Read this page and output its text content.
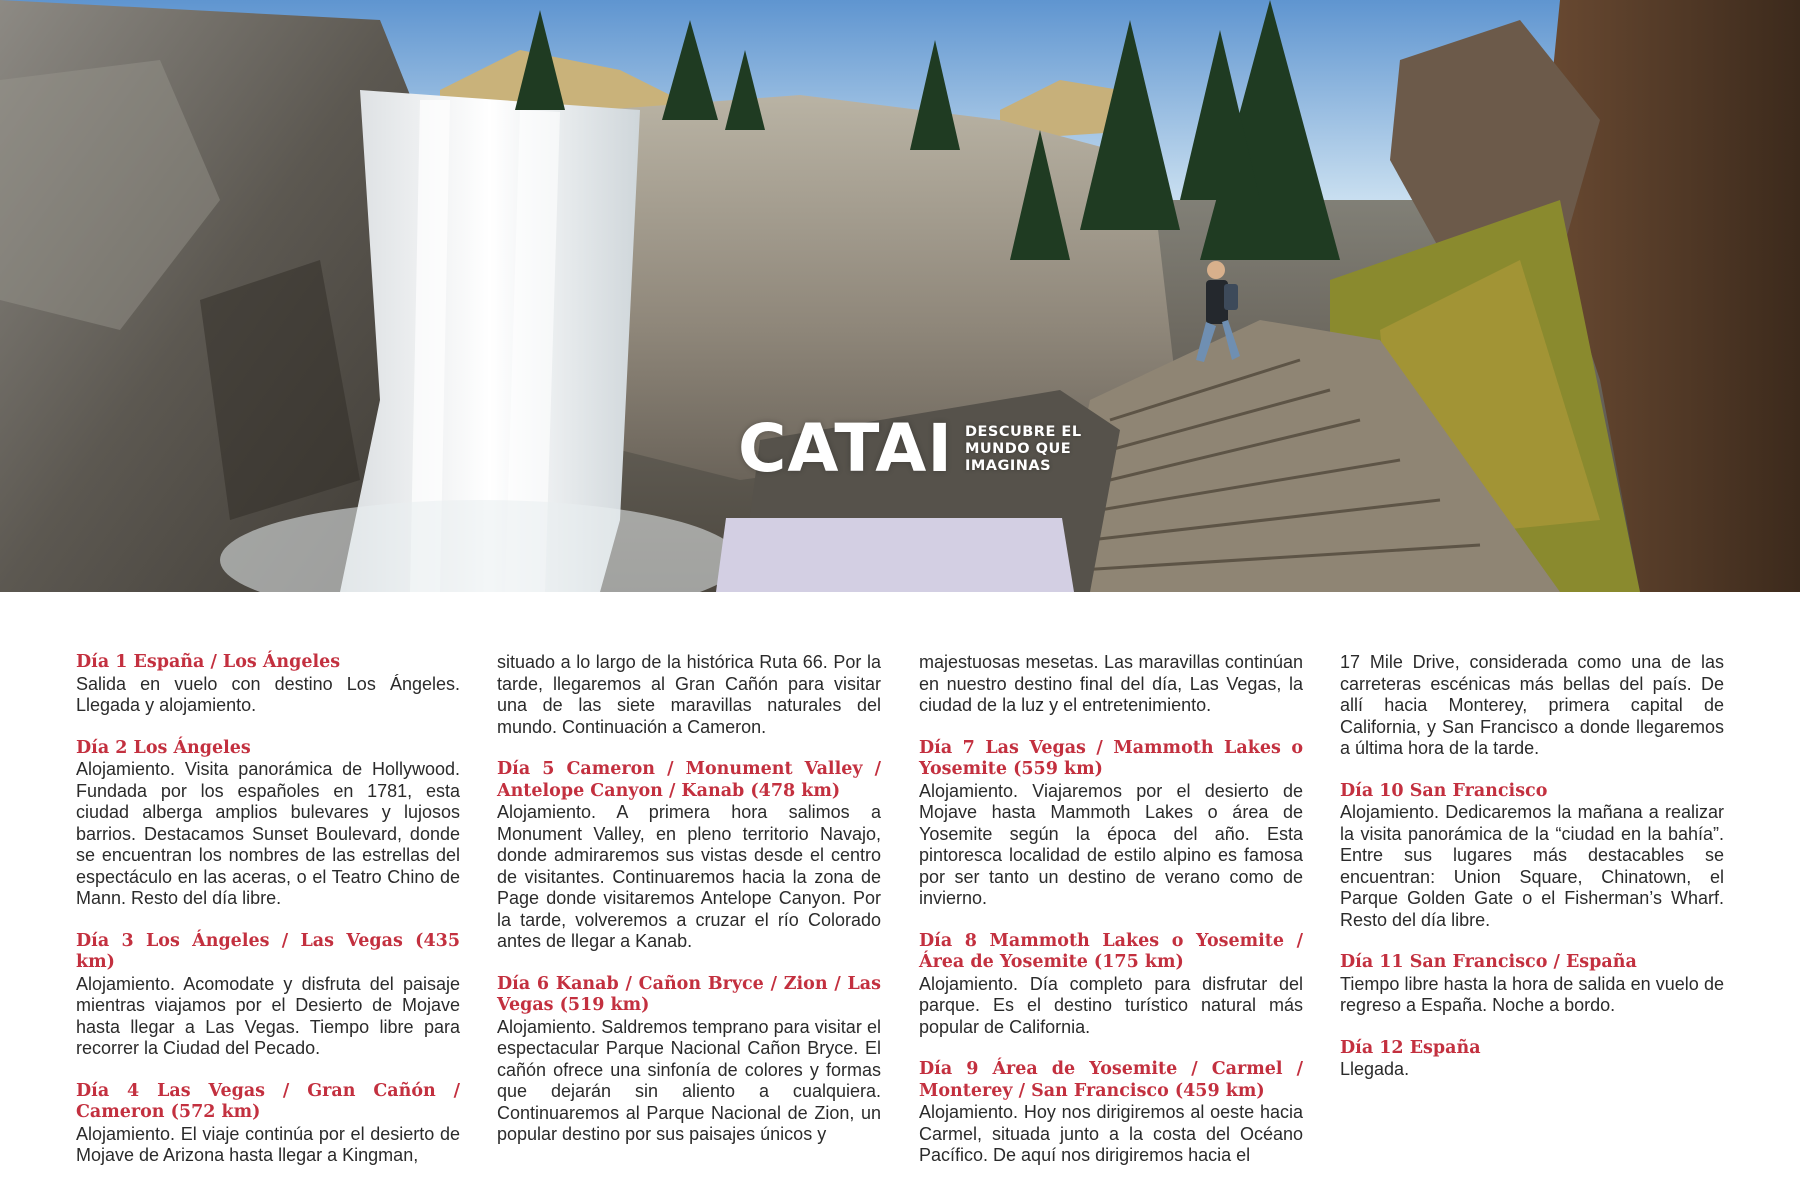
CATAI DESCUBRE EL
MUNDO QUE
IMAGINAS

Día 1 España / Los Ángeles

Salida en vuelo con destino Los Ángeles. Llegada y alojamiento.

Día 2 Los Ángeles

Alojamiento. Visita panorámica de Hollywood. Fundada por los españoles en 1781, esta ciudad alberga amplios bulevares y lujosos barrios. Destacamos Sunset Boulevard, donde se encuentran los nombres de las estrellas del espectáculo en las aceras, o el Teatro Chino de Mann. Resto del día libre.

Día 3 Los Ángeles / Las Vegas (435 km)

Alojamiento. Acomodate y disfruta del paisaje mientras viajamos por el Desierto de Mojave hasta llegar a Las Vegas. Tiempo libre para recorrer la Ciudad del Pecado.

Día 4 Las Vegas / Gran Cañón / Cameron (572 km)

Alojamiento. El viaje continúa por el desierto de Mojave de Arizona hasta llegar a Kingman,

situado a lo largo de la histórica Ruta 66. Por la tarde, llegaremos al Gran Cañón para visitar una de las siete maravillas naturales del mundo. Continuación a Cameron.

Día 5 Cameron / Monument Valley / Antelope Canyon / Kanab (478 km)

Alojamiento. A primera hora salimos a Monument Valley, en pleno territorio Navajo, donde admiraremos sus vistas desde el centro de visitantes. Continuaremos hacia la zona de Page donde visitaremos Antelope Canyon. Por la tarde, volveremos a cruzar el río Colorado antes de llegar a Kanab.

Día 6 Kanab / Cañon Bryce / Zion / Las Vegas (519 km)

Alojamiento. Saldremos temprano para visitar el espectacular Parque Nacional Cañon Bryce. El cañón ofrece una sinfonía de colores y formas que dejarán sin aliento a cualquiera. Continuaremos al Parque Nacional de Zion, un popular destino por sus paisajes únicos y

majestuosas mesetas. Las maravillas continúan en nuestro destino final del día, Las Vegas, la ciudad de la luz y el entretenimiento.

Día 7 Las Vegas / Mammoth Lakes o Yosemite (559 km)

Alojamiento. Viajaremos por el desierto de Mojave hasta Mammoth Lakes o área de Yosemite según la época del año. Esta pintoresca localidad de estilo alpino es famosa por ser tanto un destino de verano como de invierno.

Día 8 Mammoth Lakes o Yosemite / Área de Yosemite (175 km)

Alojamiento. Día completo para disfrutar del parque. Es el destino turístico natural más popular de California.

Día 9 Área de Yosemite / Carmel / Monterey / San Francisco (459 km)

Alojamiento. Hoy nos dirigiremos al oeste hacia Carmel, situada junto a la costa del Océano Pacífico. De aquí nos dirigiremos hacia el

17 Mile Drive, considerada como una de las carreteras escénicas más bellas del país. De allí hacia Monterey, primera capital de California, y San Francisco a donde llegaremos a última hora de la tarde.

Día 10 San Francisco

Alojamiento. Dedicaremos la mañana a realizar la visita panorámica de la “ciudad en la bahía”. Entre sus lugares más destacables se encuentran: Union Square, Chinatown, el Parque Golden Gate o el Fisherman’s Wharf. Resto del día libre.

Día 11 San Francisco / España

Tiempo libre hasta la hora de salida en vuelo de regreso a España. Noche a bordo.

Día 12 España

Llegada.
